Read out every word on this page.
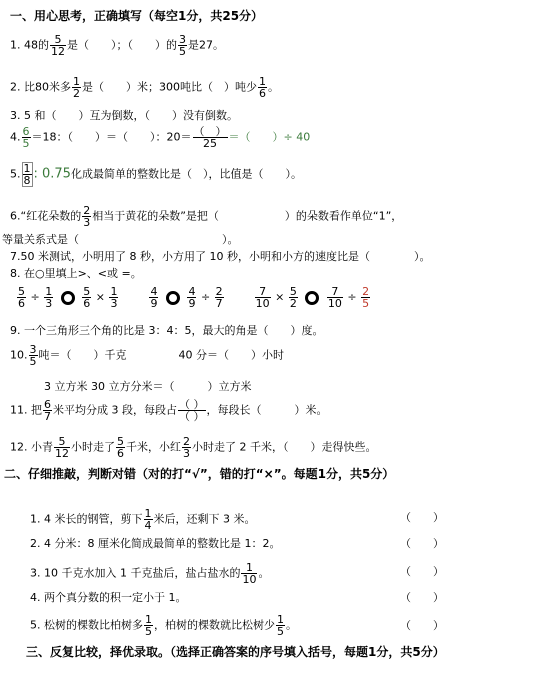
一、用心思考，正确填写（每空1分，共25分）
1. 48的 $\frac{5}{12}$ 是（　　）；（　　）的 $\frac{3}{5}$ 是27。
2. 比80米多 $\frac{1}{2}$ 是（　　）米；300吨比（　）吨少 $\frac{1}{6}$ 。
3. 5 和（　　）互为倒数，（　　）没有倒数。
4. $\frac{6}{5} =18$：（　　）＝（　　）：20＝ （　）
25	＝（　　）÷ 40
5. $\frac{1}{8}$ : 0.75化成最简单的整数比是（　），比值是（　　）。
6.“红花朵数的 $\frac{2}{3}$ 相当于黄花的朵数”是把（　　　　　　）的朵数看作单位“1”，
等量关系式是（　　　　　　　　　　　　　）。
7.50 米测试，小明用了 8 秒，小方用了 10 秒，小明和小方的速度比是（　　　　）。
8. 在○里填上>、<或 =。
$\frac{5}{6} \div \frac{1}{3}$
	$\frac{5}{6} \times \frac{1}{3}$
	$\frac{4}{9}$
	$\frac{4}{9} \div \frac{2}{7}$
	$\frac{7}{10} \times \frac{5}{2}$
	$\frac{7}{10} \div \frac{2}{5}$
9. 一个三角形三个角的比是 3：4：5，最大的角是（　　）度。
10. $\frac{3}{5}$ 吨＝（　　）千克	40 分＝（　　）小时
3 立方米 30 立方分米＝（　　　）立方米
11. 把 $\frac{6}{7}$ 米平均分成 3 段，每段占 （ ）
（ ） ，每段长（　　　）米。
12. 小青 $\frac{5}{12}$ 小时走了 $\frac{5}{6}$ 千米，小红 $\frac{2}{3}$ 小时走了 2 千米，（　　）走得快些。
二、仔细推敲，判断对错（对的打“√”，错的打“×”。每题1分，共5分）
1. 4 米长的钢管，剪下 $\frac{1}{4}$ 米后，还剩下 3 米。	（　　）
2. 4 分米：8 厘米化简成最简单的整数比是 1：2。	（　　）
3. 10 千克水加入 1 千克盐后，盐占盐水的 $\frac{1}{10}$ 。	（　　）
4. 两个真分数的积一定小于 1。	（　　）
5. 松树的棵数比柏树多 $\frac{1}{5}$ ，柏树的棵数就比松树少 $\frac{1}{5}$ 。	（　　）
三、反复比较，择优录取。（选择正确答案的序号填入括号，每题1分，共5分）
